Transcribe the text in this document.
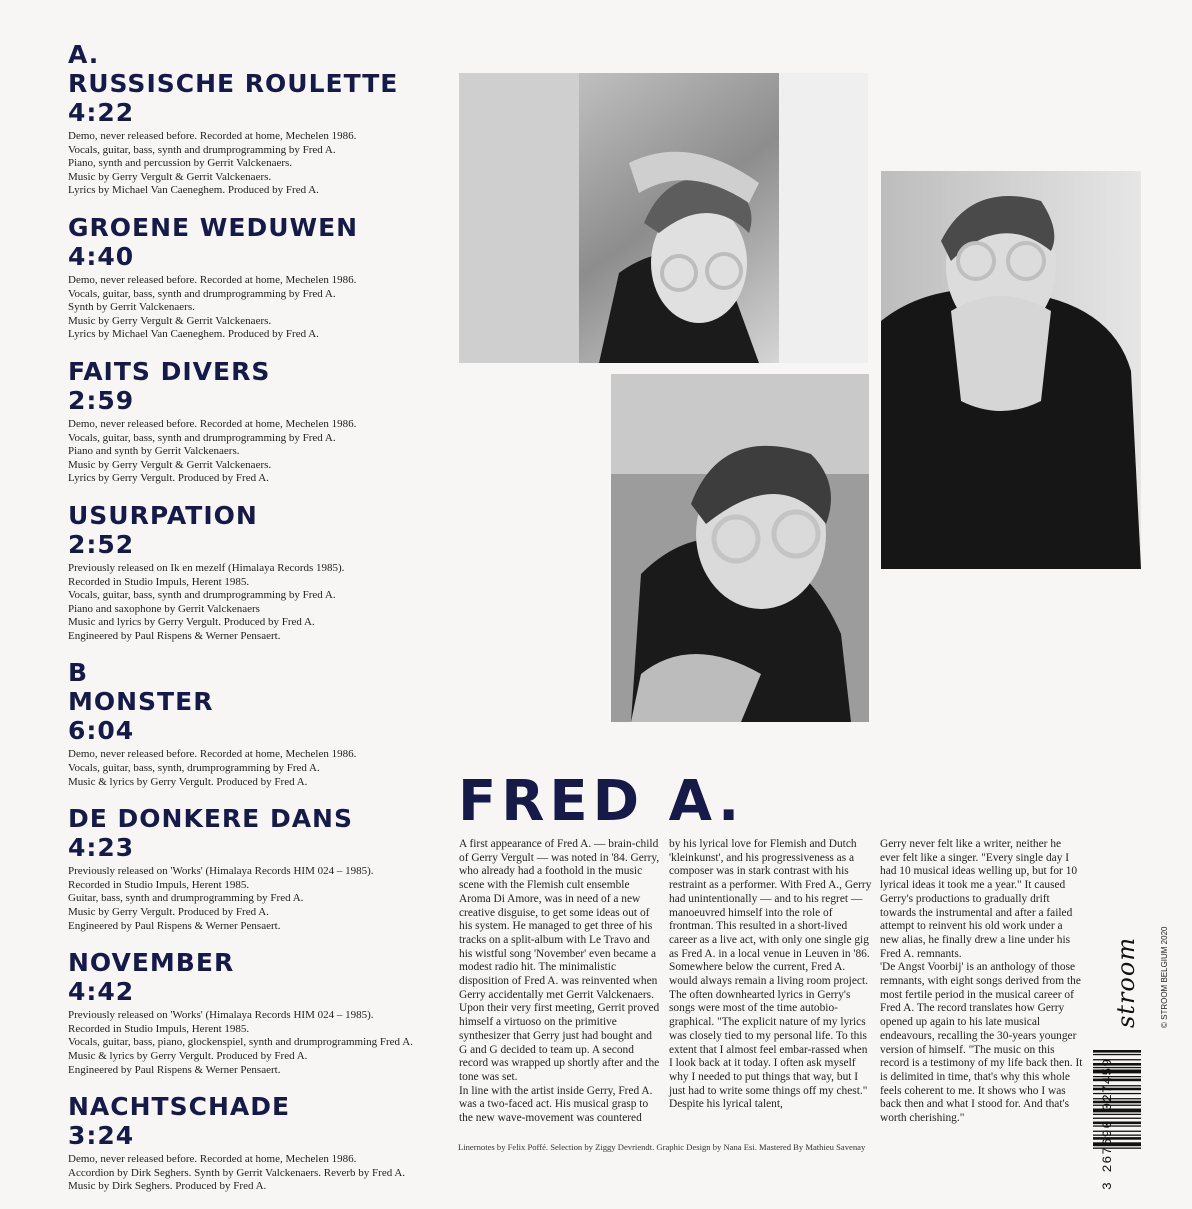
A.
RUSSISCHE ROULETTE
4:22
Demo, never released before. Recorded at home, Mechelen 1986.
Vocals, guitar, bass, synth and drumprogramming by Fred A.
Piano, synth and percussion by Gerrit Valckenaers.
Music by Gerry Vergult & Gerrit Valckenaers.
Lyrics by Michael Van Caeneghem. Produced by Fred A.
GROENE WEDUWEN
4:40
Demo, never released before. Recorded at home, Mechelen 1986.
Vocals, guitar, bass, synth and drumprogramming by Fred A.
Synth by Gerrit Valckenaers.
Music by Gerry Vergult & Gerrit Valckenaers.
Lyrics by Michael Van Caeneghem. Produced by Fred A.
FAITS DIVERS
2:59
Demo, never released before. Recorded at home, Mechelen 1986.
Vocals, guitar, bass, synth and drumprogramming by Fred A.
Piano and synth by Gerrit Valckenaers.
Music by Gerry Vergult & Gerrit Valckenaers.
Lyrics by Gerry Vergult. Produced by Fred A.
USURPATION
2:52
Previously released on Ik en mezelf (Himalaya Records 1985).
Recorded in Studio Impuls, Herent 1985.
Vocals, guitar, bass, synth and drumprogramming by Fred A.
Piano and saxophone by Gerrit Valckenaers
Music and lyrics by Gerry Vergult. Produced by Fred A.
Engineered by Paul Rispens & Werner Pensaert.
B
MONSTER
6:04
Demo, never released before. Recorded at home, Mechelen 1986.
Vocals, guitar, bass, synth, drumprogramming by Fred A.
Music & lyrics by Gerry Vergult. Produced by Fred A.
DE DONKERE DANS
4:23
Previously released on 'Works' (Himalaya Records HIM 024 – 1985).
Recorded in Studio Impuls, Herent 1985.
Guitar, bass, synth and drumprogramming by Fred A.
Music by Gerry Vergult. Produced by Fred A.
Engineered by Paul Rispens & Werner Pensaert.
NOVEMBER
4:42
Previously released on 'Works' (Himalaya Records HIM 024 – 1985).
Recorded in Studio Impuls, Herent 1985.
Vocals, guitar, bass, piano, glockenspiel, synth and drumprogramming Fred A.
Music & lyrics by Gerry Vergult. Produced by Fred A.
Engineered by Paul Rispens & Werner Pensaert.
NACHTSCHADE
3:24
Demo, never released before. Recorded at home, Mechelen 1986.
Accordion by Dirk Seghers. Synth by Gerrit Valckenaers. Reverb by Fred A.
Music by Dirk Seghers. Produced by Fred A.
FRED A.

A first appearance of Fred A. — brain-child of Gerry Vergult — was noted in '84. Gerry, who already had a foothold in the music scene with the Flemish cult ensemble Aroma Di Amore, was in need of a new creative disguise, to get some ideas out of his system. He managed to get three of his tracks on a split-album with Le Travo and his wistful song 'November' even became a modest radio hit. The minimalistic disposition of Fred A. was reinvented when Gerry accidentally met Gerrit Valckenaers. Upon their very first meeting, Gerrit proved himself a virtuoso on the primitive synthesizer that Gerry just had bought and G and G decided to team up. A second record was wrapped up shortly after and the tone was set.

In line with the artist inside Gerry, Fred A. was a two-faced act. His musical grasp to the new wave-movement was countered

by his lyrical love for Flemish and Dutch 'kleinkunst', and his progressiveness as a composer was in stark contrast with his restraint as a performer. With Fred A., Gerry had unintentionally — and to his regret — manoeuvred himself into the role of frontman. This resulted in a short-lived career as a live act, with only one single gig as Fred A. in a local venue in Leuven in '86. Somewhere below the current, Fred A. would always remain a living room project.

The often downhearted lyrics in Gerry's songs were most of the time autobio-graphical. "The explicit nature of my lyrics was closely tied to my personal life. To this extent that I almost feel embar-rassed when I look back at it today. I often ask myself why I needed to put things that way, but I just had to write some things off my chest." Despite his lyrical talent,

Gerry never felt like a writer, neither he ever felt like a singer. "Every single day I had 10 musical ideas welling up, but for 10 lyrical ideas it took me a year." It caused Gerry's productions to gradually drift towards the instrumental and after a failed attempt to reinvent his old work under a new alias, he finally drew a line under his Fred A. remnants.

'De Angst Voorbij' is an anthology of those remnants, with eight songs derived from the most fertile period in the musical career of Fred A. The record translates how Gerry opened up again to his late musical endeavours, recalling the 30-years younger version of himself. "The music on this record is a testimony of my life back then. It is delimited in time, that's why this whole feels coherent to me. It shows who I was back then and what I stood for. And that's worth cherishing."

Linernotes by Felix Poffé. Selection by Ziggy Devriendt. Graphic Design by Nana Esi. Mastered By Mathieu Savenay
stroom	© STROOM BELGIUM 2020
3 267690 027459
